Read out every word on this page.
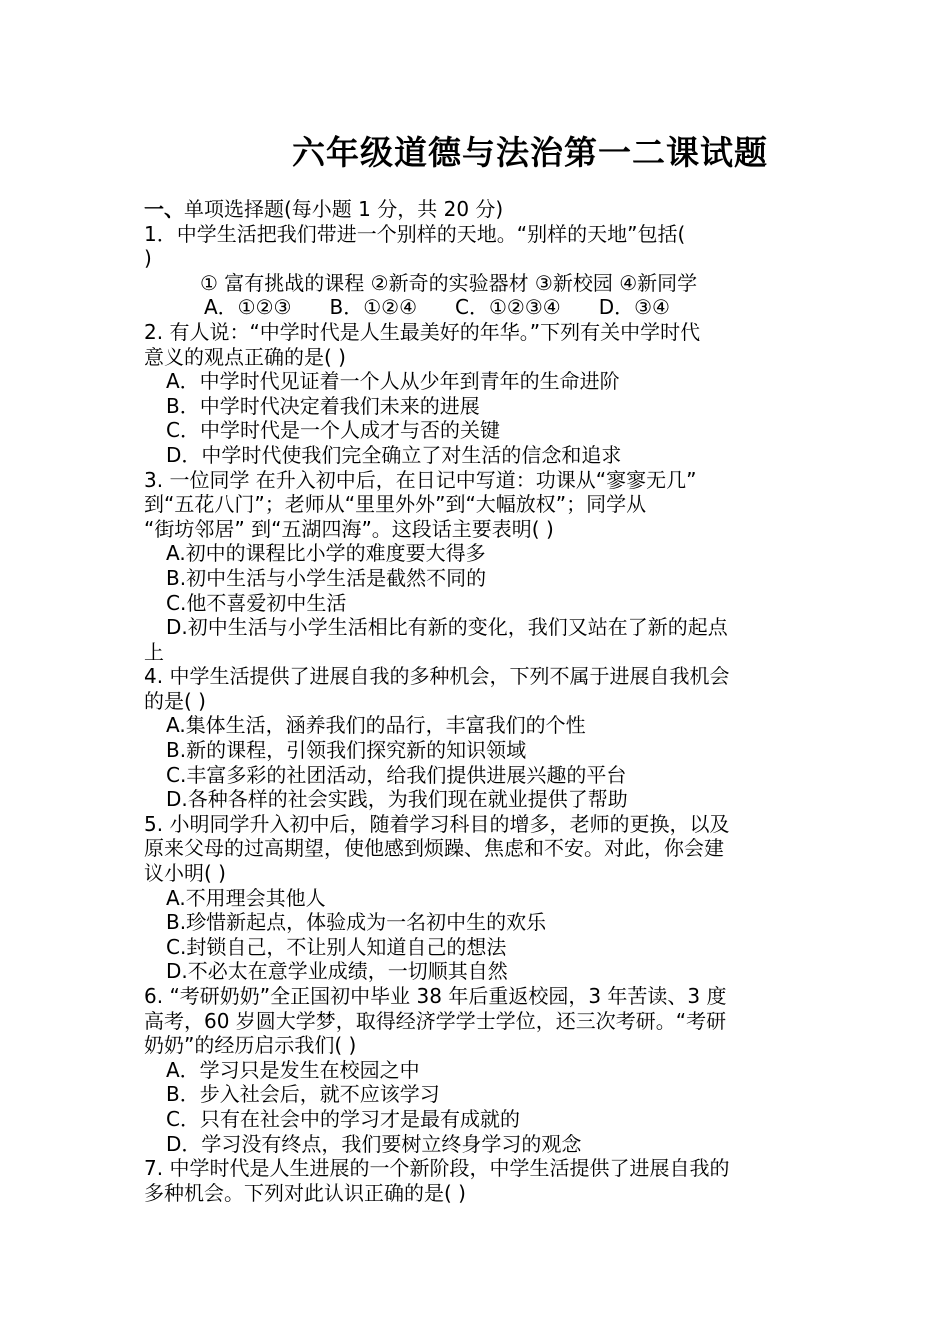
六年级道德与法治第一二课试题
一、单项选择题(每小题 1 分，共 20 分)
1．中学生活把我们带进一个别样的天地。“别样的天地”包括(
)
① 富有挑战的课程 ②新奇的实验器材 ③新校园 ④新同学
A．①②③ B．①②④ C．①②③④ D．③④
2. 有人说：“中学时代是人生最美好的年华。”下列有关中学时代
意义的观点正确的是( )
A．中学时代见证着一个人从少年到青年的生命进阶
B．中学时代决定着我们未来的进展
C．中学时代是一个人成才与否的关键
D．中学时代使我们完全确立了对生活的信念和追求
3. 一位同学 在升入初中后，在日记中写道：功课从“寥寥无几”
到“五花八门”；老师从“里里外外”到“大幅放权”；同学从
“街坊邻居” 到“五湖四海”。这段话主要表明( )
A.初中的课程比小学的难度要大得多
B.初中生活与小学生活是截然不同的
C.他不喜爱初中生活
D.初中生活与小学生活相比有新的变化，我们又站在了新的起点
上
4. 中学生活提供了进展自我的多种机会，下列不属于进展自我机会
的是( )
A.集体生活，涵养我们的品行，丰富我们的个性
B.新的课程，引领我们探究新的知识领域
C.丰富多彩的社团活动，给我们提供进展兴趣的平台
D.各种各样的社会实践，为我们现在就业提供了帮助
5. 小明同学升入初中后，随着学习科目的增多，老师的更换，以及
原来父母的过高期望，使他感到烦躁、焦虑和不安。对此，你会建
议小明( )
A.不用理会其他人
B.珍惜新起点，体验成为一名初中生的欢乐
C.封锁自己，不让别人知道自己的想法
D.不必太在意学业成绩，一切顺其自然
6. “考研奶奶”全正国初中毕业 38 年后重返校园，3 年苦读、3 度
高考，60 岁圆大学梦，取得经济学学士学位，还三次考研。“考研
奶奶”的经历启示我们( )
A．学习只是发生在校园之中
B．步入社会后，就不应该学习
C．只有在社会中的学习才是最有成就的
D．学习没有终点，我们要树立终身学习的观念
7. 中学时代是人生进展的一个新阶段，中学生活提供了进展自我的
多种机会。下列对此认识正确的是( )
